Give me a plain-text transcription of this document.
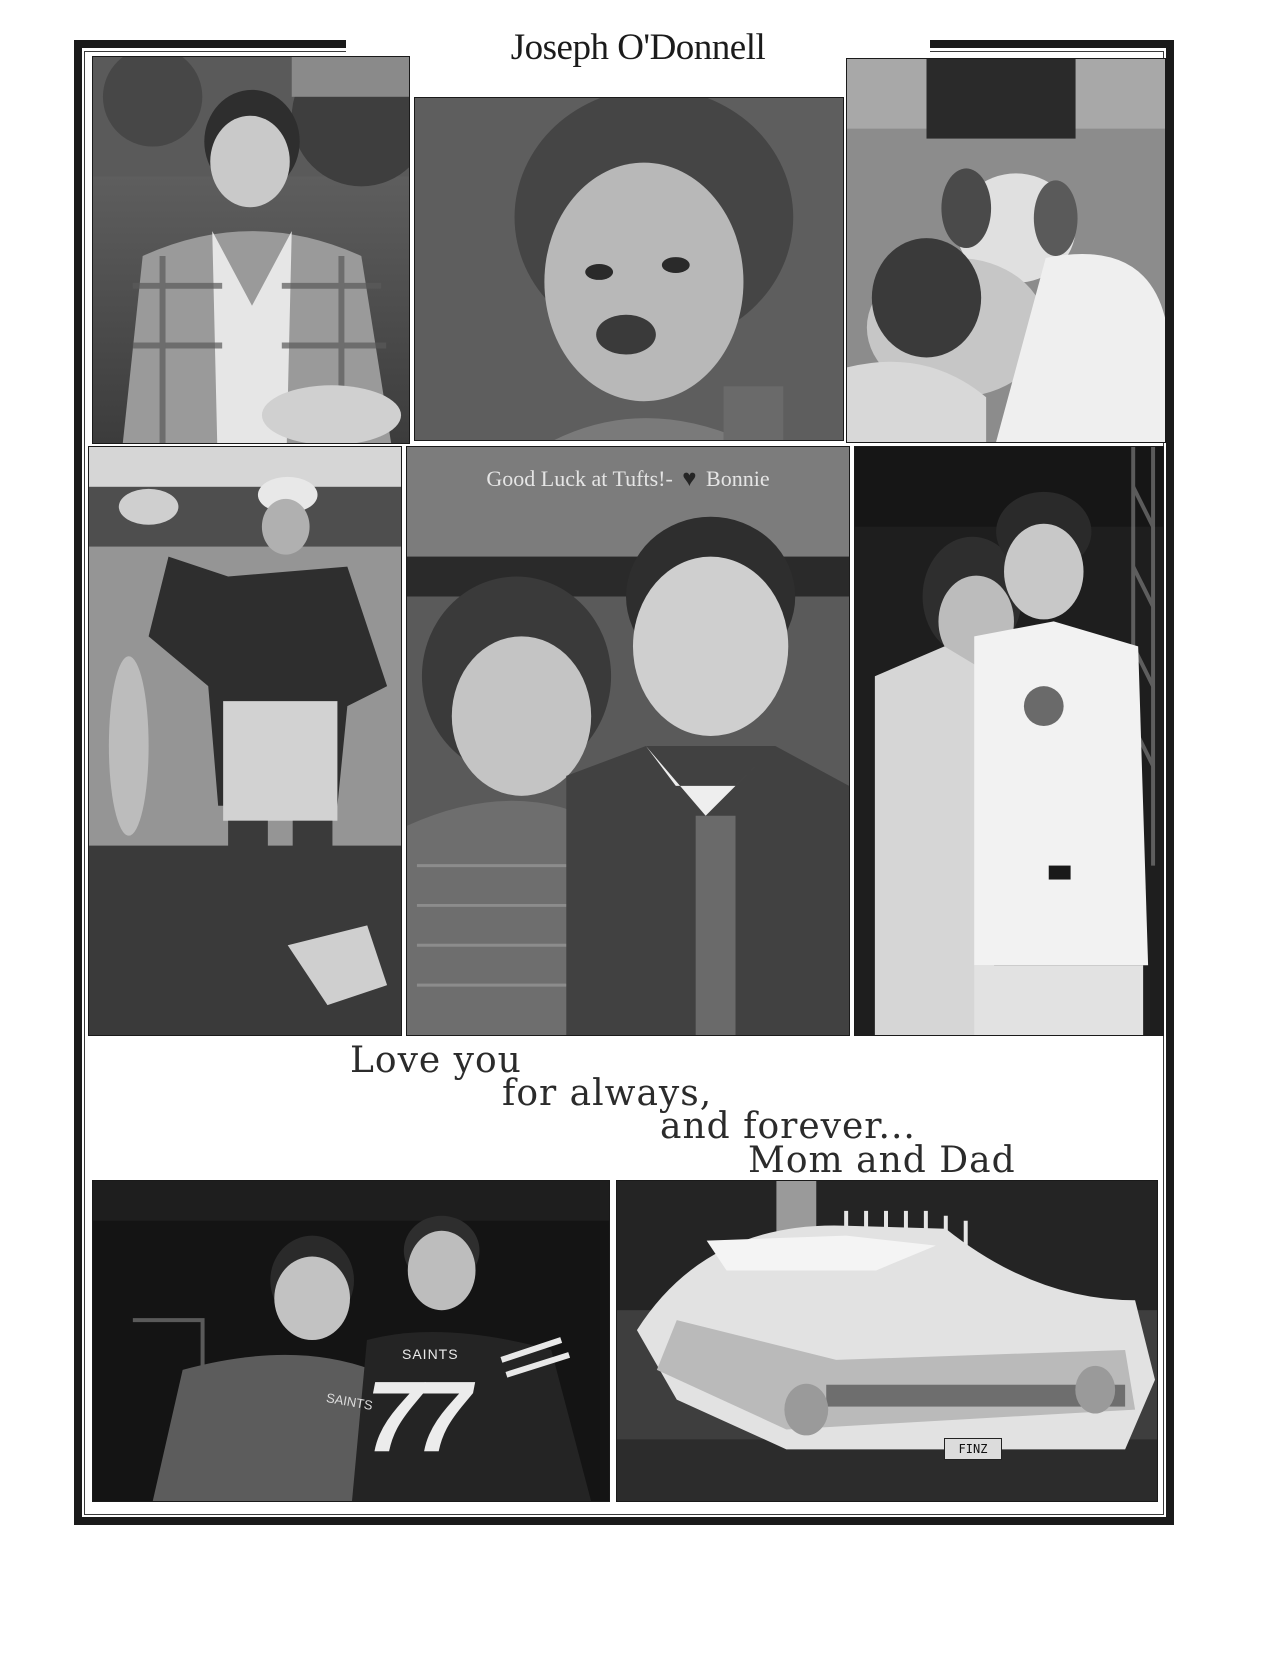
Joseph O'Donnell
Good Luck at Tufts!- ♥ Bonnie
Love you
for always,
and forever...
Mom and Dad
SAINTS
77
SAINTS
FINZ
